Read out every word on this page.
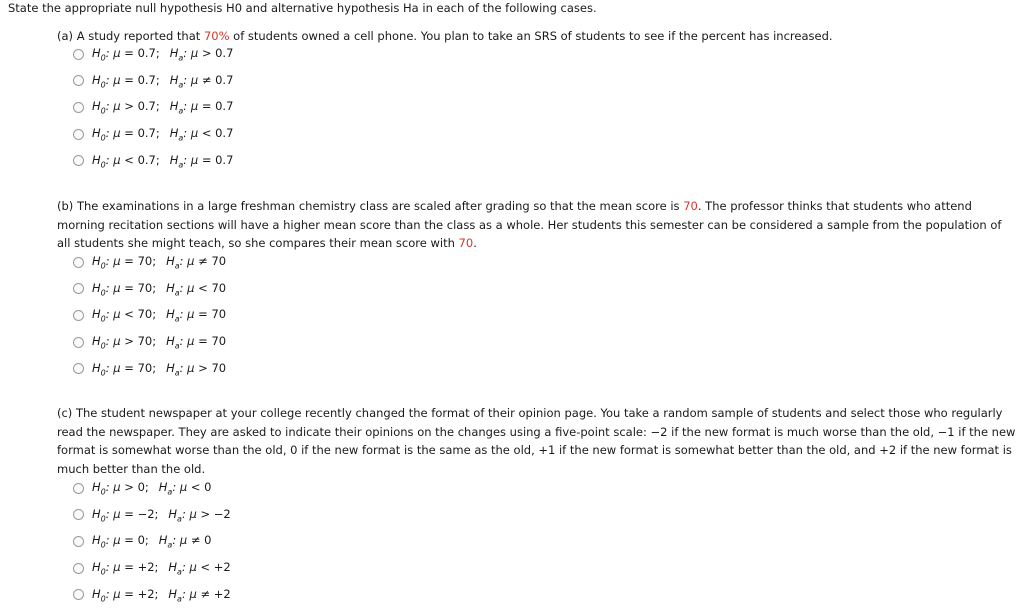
State the appropriate null hypothesis H0 and alternative hypothesis Ha in each of the following cases.
(a) A study reported that 70% of students owned a cell phone. You plan to take an SRS of students to see if the percent has increased.
$H_0$: μ = 0.7; $H_a$: μ > 0.7
$H_0$: μ = 0.7; $H_a$: μ ≠ 0.7
$H_0$: μ > 0.7; $H_a$: μ = 0.7
$H_0$: μ = 0.7; $H_a$: μ < 0.7
$H_0$: μ < 0.7; $H_a$: μ = 0.7
(b) The examinations in a large freshman chemistry class are scaled after grading so that the mean score is 70. The professor thinks that students who attend morning recitation sections will have a higher mean score than the class as a whole. Her students this semester can be considered a sample from the population of all students she might teach, so she compares their mean score with 70.
$H_0$: μ = 70; $H_a$: μ ≠ 70
$H_0$: μ = 70; $H_a$: μ < 70
$H_0$: μ < 70; $H_a$: μ = 70
$H_0$: μ > 70; $H_a$: μ = 70
$H_0$: μ = 70; $H_a$: μ > 70
(c) The student newspaper at your college recently changed the format of their opinion page. You take a random sample of students and select those who regularly read the newspaper. They are asked to indicate their opinions on the changes using a five-point scale: −2 if the new format is much worse than the old, −1 if the new format is somewhat worse than the old, 0 if the new format is the same as the old, +1 if the new format is somewhat better than the old, and +2 if the new format is much better than the old.
$H_0$: μ > 0; $H_a$: μ < 0
$H_0$: μ = −2; $H_a$: μ > −2
$H_0$: μ = 0; $H_a$: μ ≠ 0
$H_0$: μ = +2; $H_a$: μ < +2
$H_0$: μ = +2; $H_a$: μ ≠ +2
